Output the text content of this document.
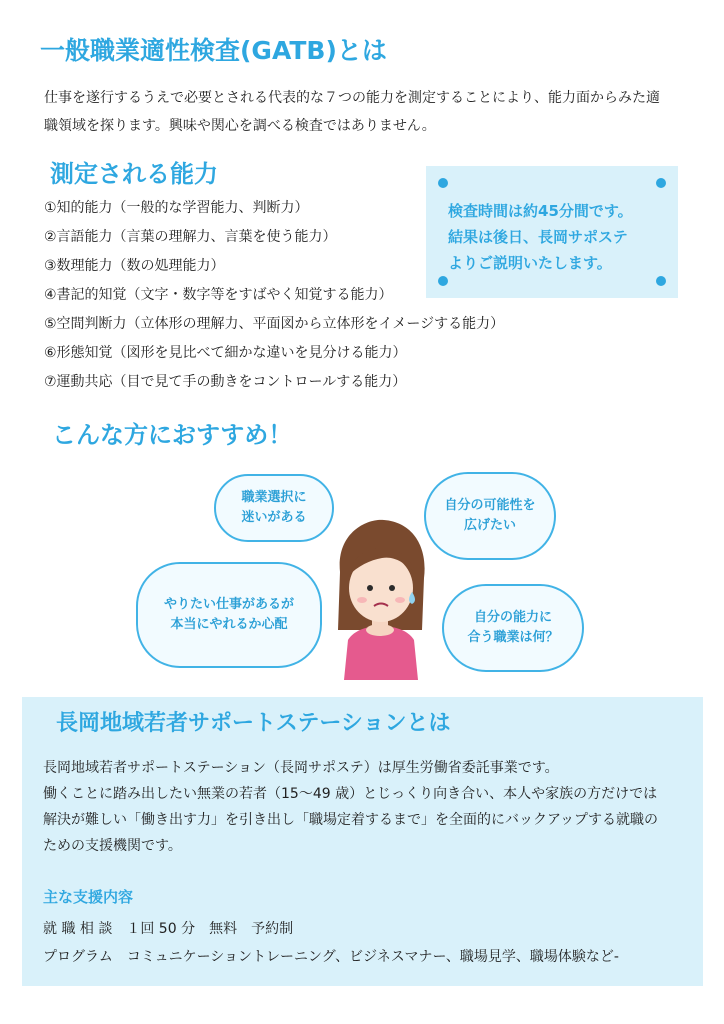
一般職業適性検査(GATB)とは
仕事を遂行するうえで必要とされる代表的な７つの能力を測定することにより、能力面からみた適
職領域を探ります。興味や関心を調べる検査ではありません。
測定される能力
①知的能力（一般的な学習能力、判断力）
②言語能力（言葉の理解力、言葉を使う能力）
③数理能力（数の処理能力）
④書記的知覚（文字・数字等をすばやく知覚する能力）
⑤空間判断力（立体形の理解力、平面図から立体形をイメージする能力）
⑥形態知覚（図形を見比べて細かな違いを見分ける能力）
⑦運動共応（目で見て手の動きをコントロールする能力）
検査時間は約45分間です。
結果は後日、長岡サポステ
よりご説明いたします。
こんな方におすすめ！
職業選択に
迷いがある
自分の可能性を
広げたい
やりたい仕事があるが
本当にやれるか心配	自分の能力に
合う職業は何？
長岡地域若者サポートステーションとは
長岡地域若者サポートステーション（長岡サポステ）は厚生労働省委託事業です。
働くことに踏み出したい無業の若者（15～49 歳）とじっくり向き合い、本人や家族の方だけでは
解決が難しい「働き出す力」を引き出し「職場定着するまで」を全面的にバックアップする就職の
ための支援機関です。
主な支援内容
就 職 相 談　１回 50 分　無料　予約制
プログラム　コミュニケーショントレーニング、ビジネスマナー、職場見学、職場体験など-
